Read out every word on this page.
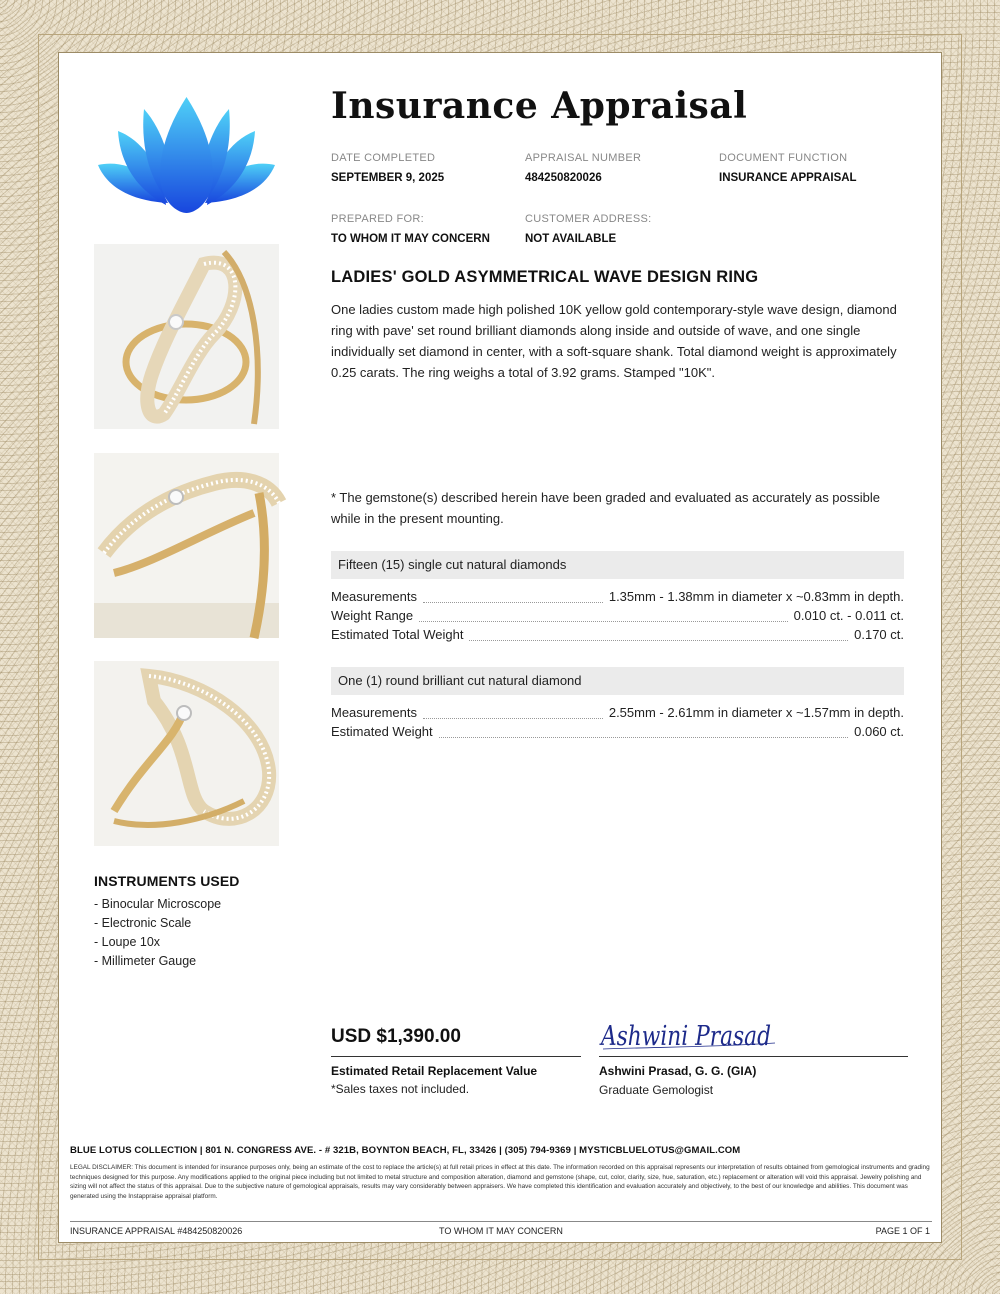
INSTRUMENTS USED
- Binocular Microscope
- Electronic Scale
- Loupe 10x
- Millimeter Gauge
Insurance Appraisal
DATE COMPLETED
SEPTEMBER 9, 2025
APPRAISAL NUMBER
484250820026
DOCUMENT FUNCTION
INSURANCE APPRAISAL
PREPARED FOR:
TO WHOM IT MAY CONCERN
CUSTOMER ADDRESS:
NOT AVAILABLE
LADIES' GOLD ASYMMETRICAL WAVE DESIGN RING
One ladies custom made high polished 10K yellow gold contemporary-style wave design, diamond ring with pave' set round brilliant diamonds along inside and outside of wave, and one single individually set diamond in center, with a soft-square shank. Total diamond weight is approximately 0.25 carats. The ring weighs a total of 3.92 grams. Stamped "10K".
* The gemstone(s) described herein have been graded and evaluated as accurately as possible while in the present mounting.
Fifteen (15) single cut natural diamonds
Measurements	1.35mm - 1.38mm in diameter x ~0.83mm in depth.
Weight Range	0.010 ct. - 0.011 ct.
Estimated Total Weight	0.170 ct.
One (1) round brilliant cut natural diamond
Measurements	2.55mm - 2.61mm in diameter x ~1.57mm in depth.
Estimated Weight	0.060 ct.
USD $1,390.00
Estimated Retail Replacement Value
*Sales taxes not included.
Ashwini Prasad
Ashwini Prasad, G. G. (GIA)
Graduate Gemologist
BLUE LOTUS COLLECTION | 801 N. CONGRESS AVE. - # 321B, BOYNTON BEACH, FL, 33426 | (305) 794-9369 | MYSTICBLUELOTUS@GMAIL.COM
LEGAL DISCLAIMER: This document is intended for insurance purposes only, being an estimate of the cost to replace the article(s) at full retail prices in effect at this date. The information recorded on this appraisal represents our interpretation of results obtained from gemological instruments and grading techniques designed for this purpose. Any modifications applied to the original piece including but not limited to metal structure and composition alteration, diamond and gemstone (shape, cut, color, clarity, size, hue, saturation, etc.) replacement or alteration will void this appraisal. Jewelry polishing and sizing will not affect the status of this appraisal. Due to the subjective nature of gemological appraisals, results may vary considerably between appraisers. We have completed this identification and evaluation accurately and objectively, to the best of our knowledge and abilities. This document was generated using the Instappraise appraisal platform.
INSURANCE APPRAISAL #484250820026	TO WHOM IT MAY CONCERN	PAGE 1 OF 1
